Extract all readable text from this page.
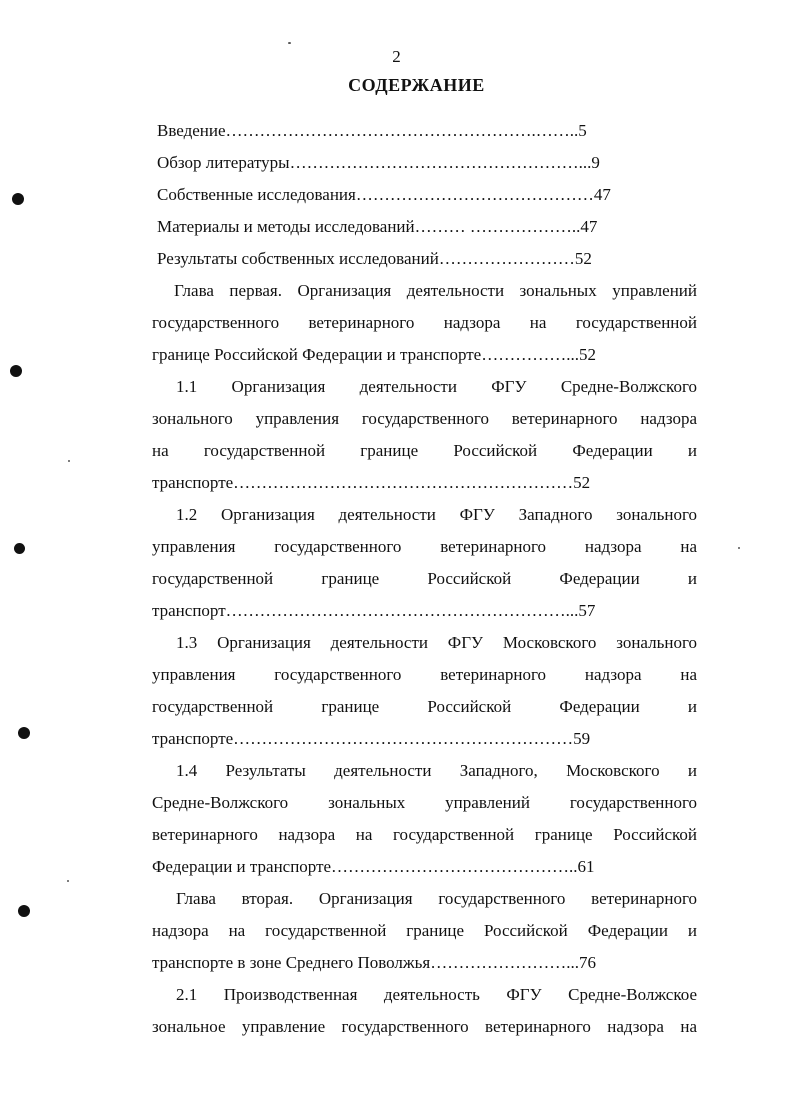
2
СОДЕРЖАНИЕ
Введение……………………………………………….……..5
Обзор литературы……………………………………………...9
Собственные исследования……………………………………47
Материалы и методы исследований……… ………………..47
Результаты собственных исследований……………………52
Глава первая. Организация деятельности зональных управлений
государственного ветеринарного надзора на государственной
границе Российской Федерации и транспорте……………...52
1.1 Организация деятельности ФГУ Средне-Волжского
зонального управления государственного ветеринарного надзора
на государственной границе Российской Федерации и
транспорте……………………………………………………52
1.2 Организация деятельности ФГУ Западного зонального
управления государственного ветеринарного надзора на
государственной границе Российской Федерации и
транспорт……………………………………………………...57
1.3 Организация деятельности ФГУ Московского зонального
управления государственного ветеринарного надзора на
государственной границе Российской Федерации и
транспорте……………………………………………………59
1.4 Результаты деятельности Западного, Московского и
Средне-Волжского зональных управлений государственного
ветеринарного надзора на государственной границе Российской
Федерации и транспорте……………………………………..61
Глава вторая. Организация государственного ветеринарного
надзора на государственной границе Российской Федерации и
транспорте в зоне Среднего Поволжья……………………...76
2.1 Производственная деятельность ФГУ Средне-Волжское
зональное управление государственного ветеринарного надзора на
